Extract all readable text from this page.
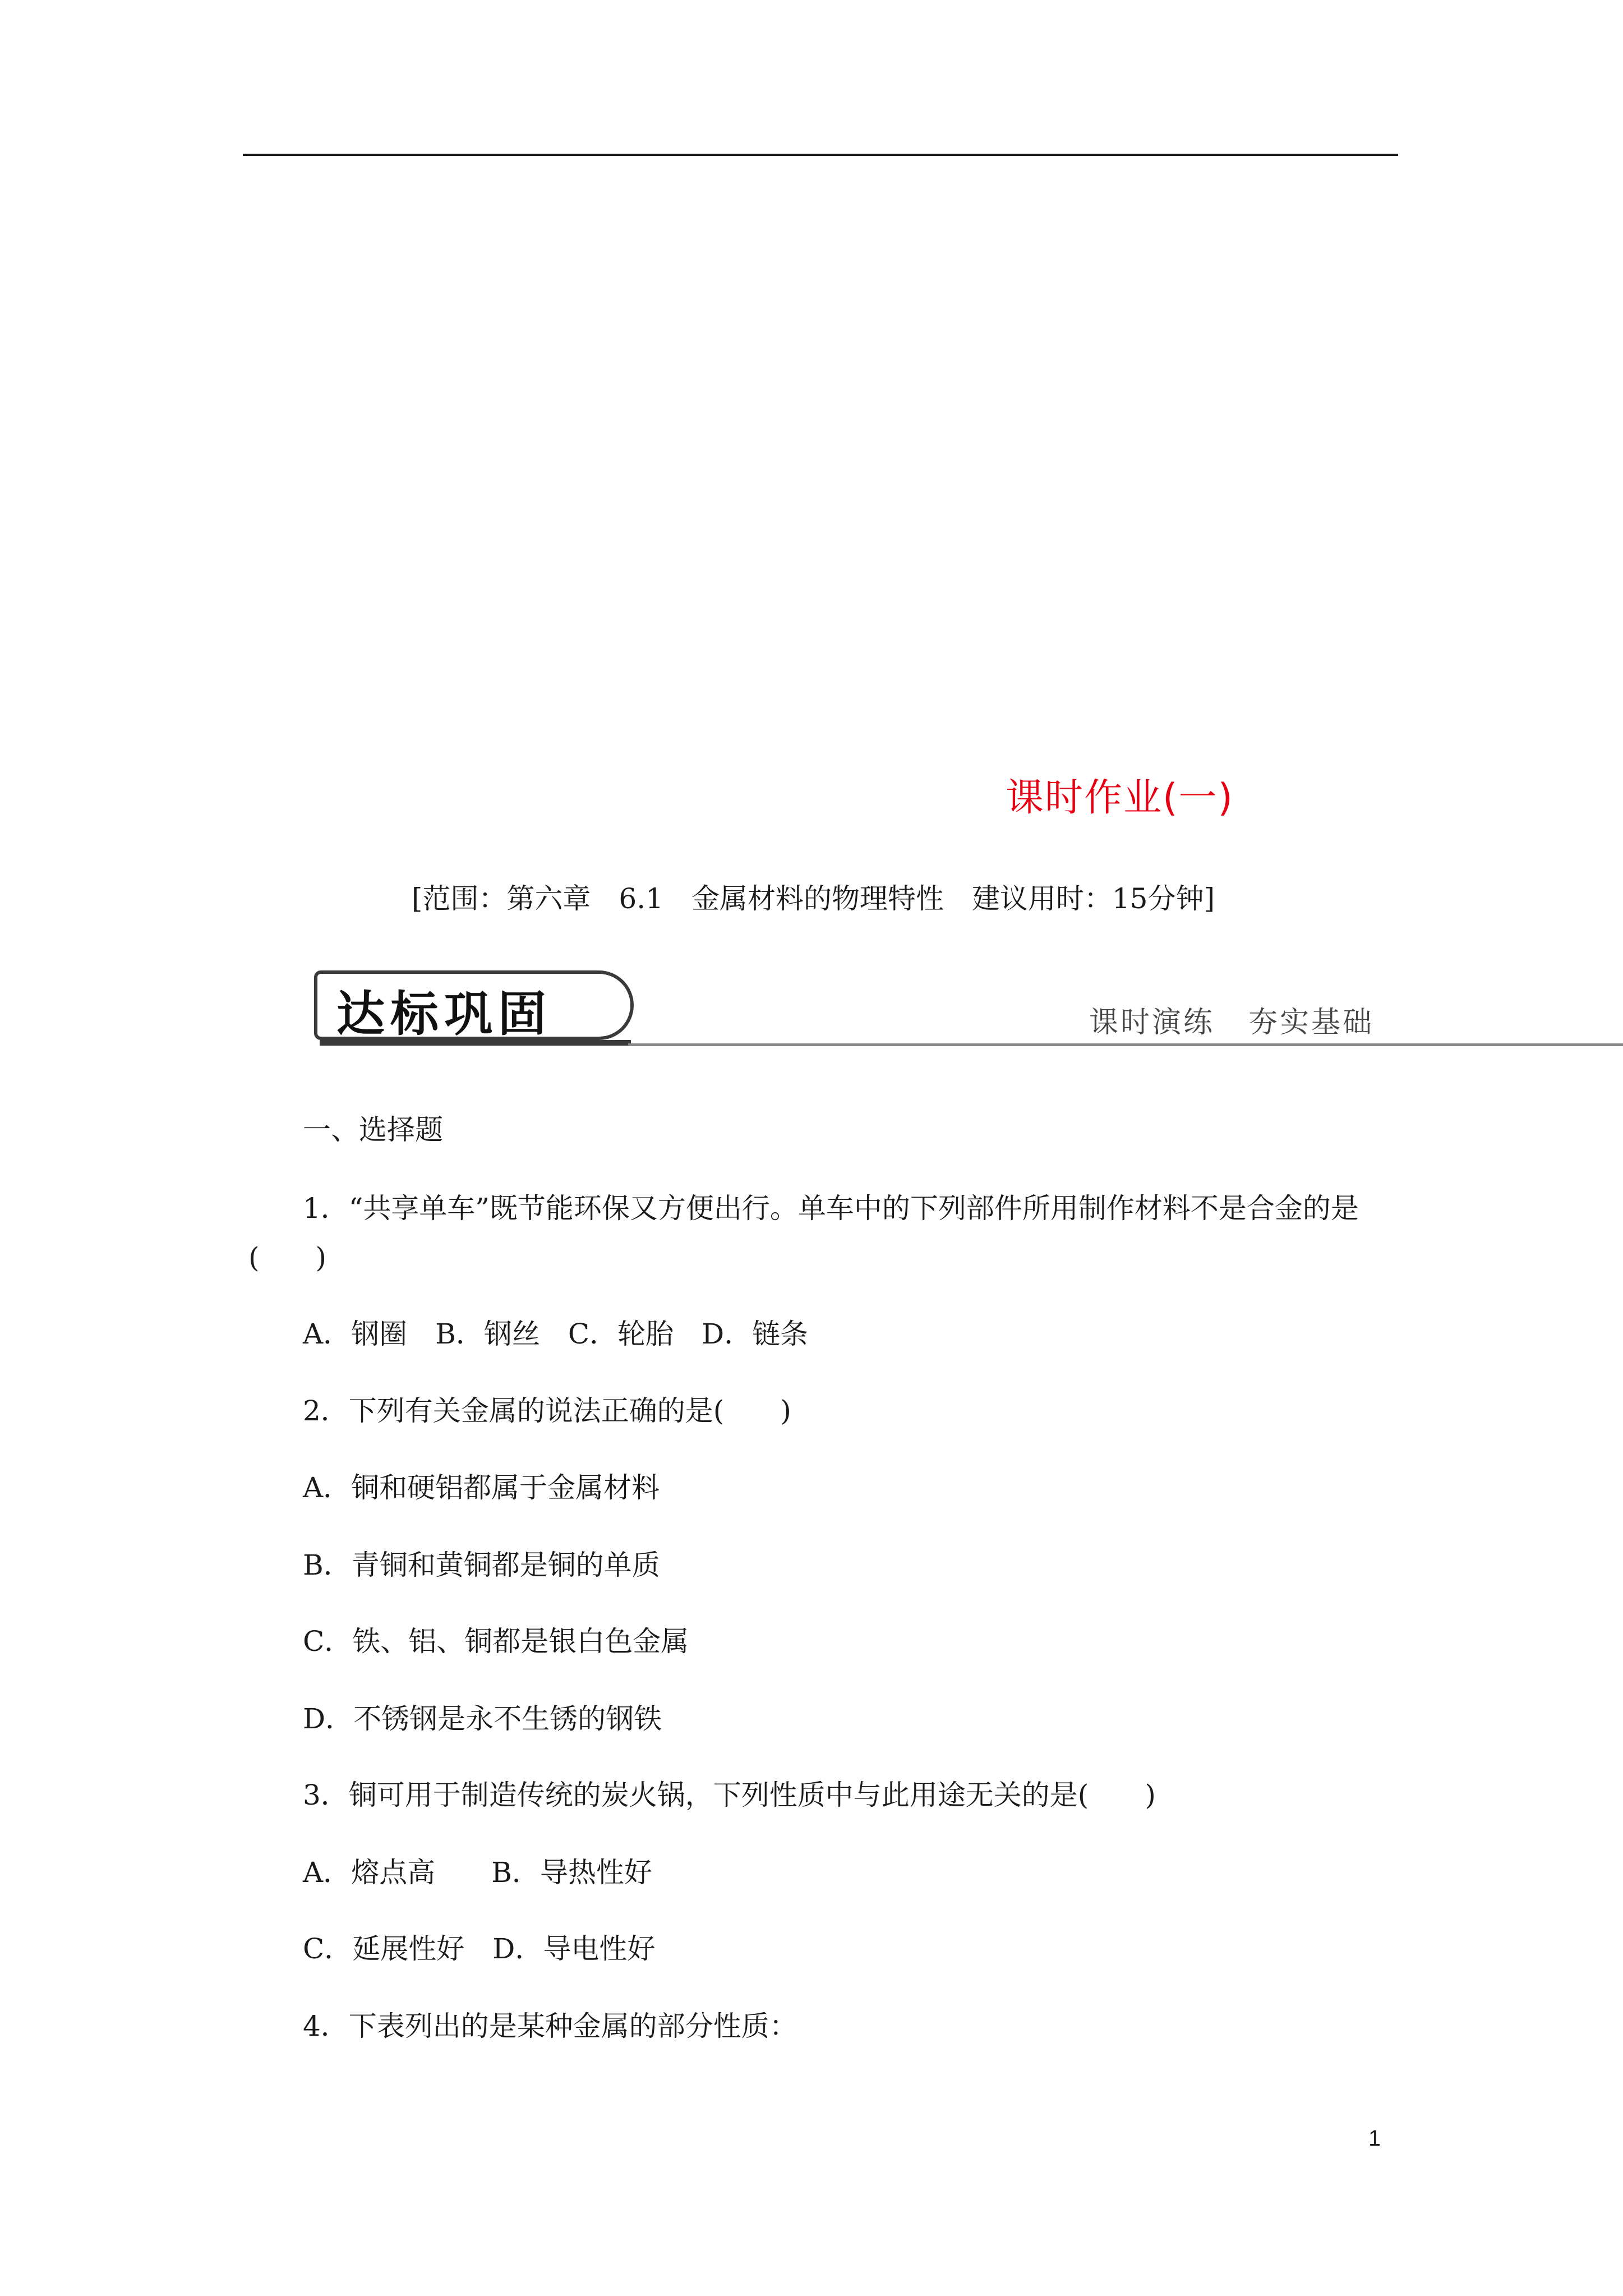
课时作业(一)
[范围：第六章　6.1　金属材料的物理特性　建议用时：15分钟]
达标巩固	课时演练 夯实基础
一、选择题
1．“共享单车”既节能环保又方便出行。单车中的下列部件所用制作材料不是合金的是
(　　)
A．钢圈　B．钢丝　C．轮胎　D．链条
2．下列有关金属的说法正确的是(　　)
A．铜和硬铝都属于金属材料
B．青铜和黄铜都是铜的单质
C．铁、铝、铜都是银白色金属
D．不锈钢是永不生锈的钢铁
3．铜可用于制造传统的炭火锅，下列性质中与此用途无关的是(　　)
A．熔点高　　B．导热性好
C．延展性好　D．导电性好
4．下表列出的是某种金属的部分性质：
1
